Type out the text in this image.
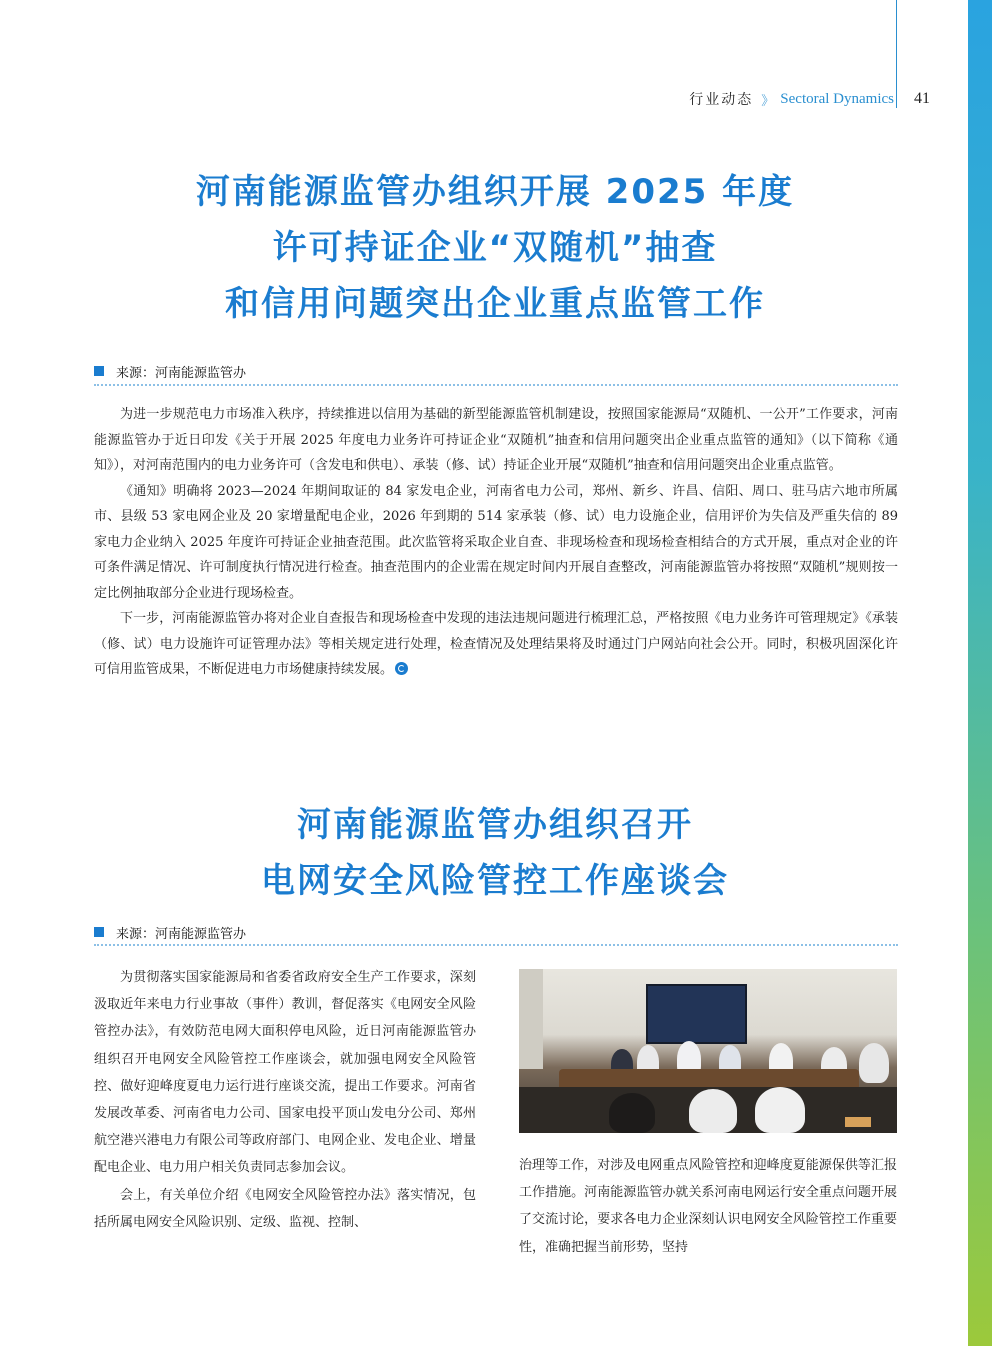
行业动态 》 Sectoral Dynamics 41
河南能源监管办组织开展 2025 年度
许可持证企业“双随机”抽查
和信用问题突出企业重点监管工作
来源：河南能源监管办

为进一步规范电力市场准入秩序，持续推进以信用为基础的新型能源监管机制建设，按照国家能源局“双随机、一公开”工作要求，河南能源监管办于近日印发《关于开展 2025 年度电力业务许可持证企业“双随机”抽查和信用问题突出企业重点监管的通知》（以下简称《通知》），对河南范围内的电力业务许可（含发电和供电）、承装（修、试）持证企业开展“双随机”抽查和信用问题突出企业重点监管。

《通知》明确将 2023—2024 年期间取证的 84 家发电企业，河南省电力公司，郑州、新乡、许昌、信阳、周口、驻马店六地市所属市、县级 53 家电网企业及 20 家增量配电企业，2026 年到期的 514 家承装（修、试）电力设施企业，信用评价为失信及严重失信的 89 家电力企业纳入 2025 年度许可持证企业抽查范围。此次监管将采取企业自查、非现场检查和现场检查相结合的方式开展，重点对企业的许可条件满足情况、许可制度执行情况进行检查。抽查范围内的企业需在规定时间内开展自查整改，河南能源监管办将按照“双随机”规则按一定比例抽取部分企业进行现场检查。

下一步，河南能源监管办将对企业自查报告和现场检查中发现的违法违规问题进行梳理汇总，严格按照《电力业务许可管理规定》《承装（修、试）电力设施许可证管理办法》等相关规定进行处理，检查情况及处理结果将及时通过门户网站向社会公开。同时，积极巩固深化许可信用监管成果，不断促进电力市场健康持续发展。

河南能源监管办组织召开
电网安全风险管控工作座谈会
来源：河南能源监管办

为贯彻落实国家能源局和省委省政府安全生产工作要求，深刻汲取近年来电力行业事故（事件）教训，督促落实《电网安全风险管控办法》，有效防范电网大面积停电风险，近日河南能源监管办组织召开电网安全风险管控工作座谈会，就加强电网安全风险管控、做好迎峰度夏电力运行进行座谈交流，提出工作要求。河南省发展改革委、河南省电力公司、国家电投平顶山发电分公司、郑州航空港兴港电力有限公司等政府部门、电网企业、发电企业、增量配电企业、电力用户相关负责同志参加会议。

会上，有关单位介绍《电网安全风险管控办法》落实情况，包括所属电网安全风险识别、定级、监视、控制、

治理等工作，对涉及电网重点风险管控和迎峰度夏能源保供等汇报工作措施。河南能源监管办就关系河南电网运行安全重点问题开展了交流讨论，要求各电力企业深刻认识电网安全风险管控工作重要性，准确把握当前形势，坚持
